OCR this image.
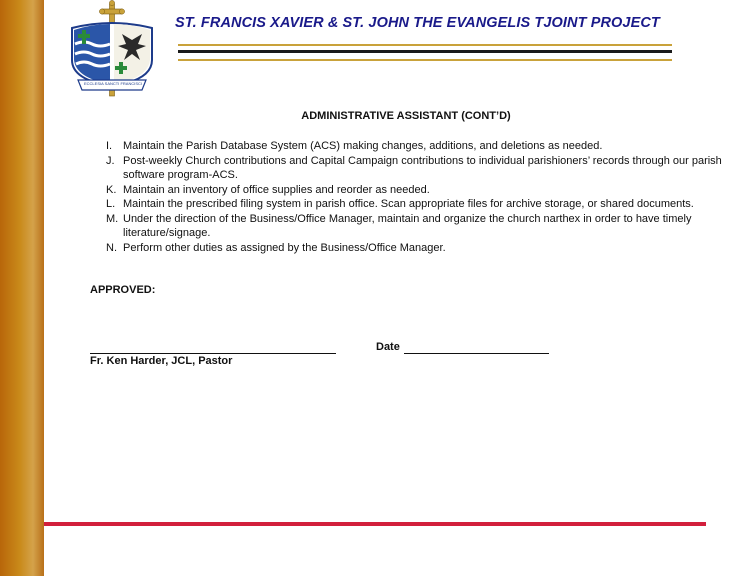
ECCLESIA SANCTI FRANCISCI
ST. FRANCIS XAVIER & ST. JOHN THE EVANGELIS TJOINT PROJECT
ADMINISTRATIVE ASSISTANT (CONT’D)
I. Maintain the Parish Database System (ACS) making changes, additions, and deletions as needed.
J. Post-weekly Church contributions and Capital Campaign contributions to individual parishioners’ records through our parish software program-ACS.
K. Maintain an inventory of office supplies and reorder as needed.
L. Maintain the prescribed filing system in parish office. Scan appropriate files for archive storage, or shared documents.
M. Under the direction of the Business/Office Manager, maintain and organize the church narthex in order to have timely literature/signage.
N. Perform other duties as assigned by the Business/Office Manager.
APPROVED:
Fr. Ken Harder, JCL, Pastor
Date
